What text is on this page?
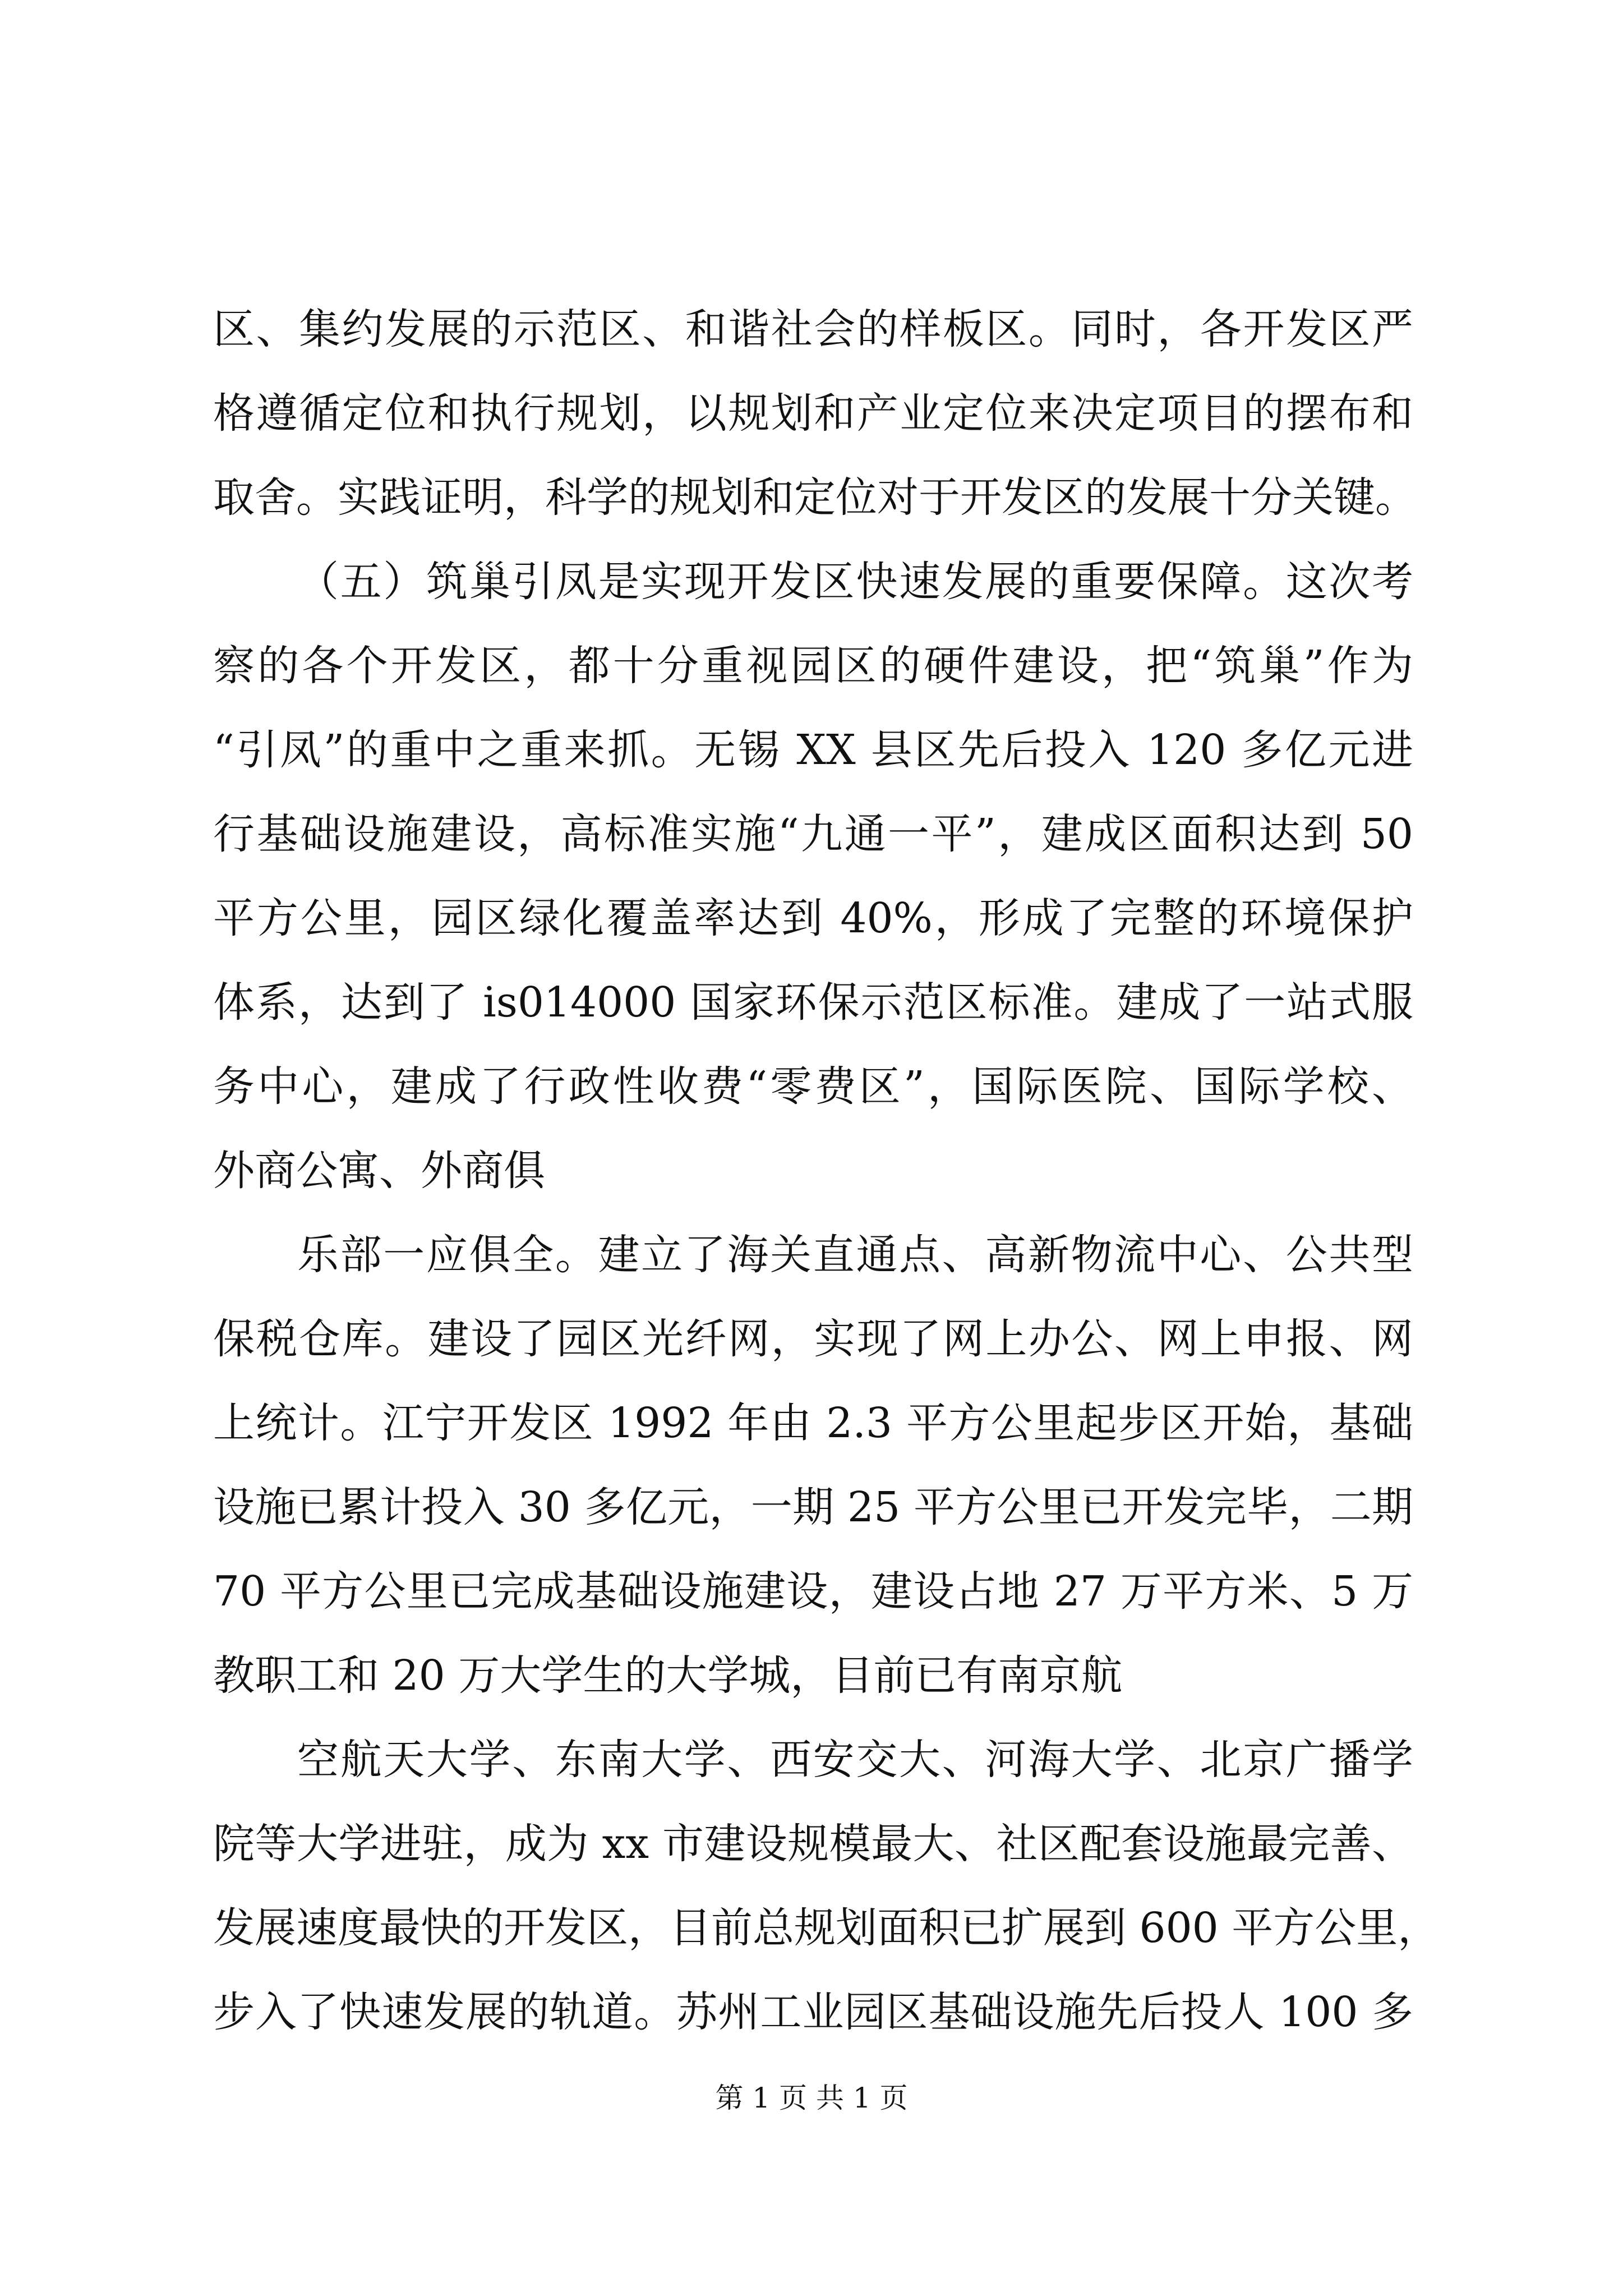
区、集约发展的示范区、和谐社会的样板区。同时，各开发区严
格遵循定位和执行规划，以规划和产业定位来决定项目的摆布和
取舍。实践证明，科学的规划和定位对于开发区的发展十分关键。
（五）筑巢引凤是实现开发区快速发展的重要保障。这次考
察的各个开发区，都十分重视园区的硬件建设，把“筑巢”作为
“引凤”的重中之重来抓。无锡 XX 县区先后投入 120 多亿元进
行基础设施建设，高标准实施“九通一平”，建成区面积达到 50
平方公里，园区绿化覆盖率达到 40%，形成了完整的环境保护
体系，达到了 is014000 国家环保示范区标准。建成了一站式服
务中心，建成了行政性收费“零费区”，国际医院、国际学校、
外商公寓、外商俱
乐部一应俱全。建立了海关直通点、高新物流中心、公共型
保税仓库。建设了园区光纤网，实现了网上办公、网上申报、网
上统计。江宁开发区 1992 年由 2.3 平方公里起步区开始，基础
设施已累计投入 30 多亿元，一期 25 平方公里已开发完毕，二期
70 平方公里已完成基础设施建设，建设占地 27 万平方米、5 万
教职工和 20 万大学生的大学城，目前已有南京航
空航天大学、东南大学、西安交大、河海大学、北京广播学
院等大学进驻，成为 xx 市建设规模最大、社区配套设施最完善、
发展速度最快的开发区，目前总规划面积已扩展到 600 平方公里，
步入了快速发展的轨道。苏州工业园区基础设施先后投人 100 多
第 1 页 共 1 页
